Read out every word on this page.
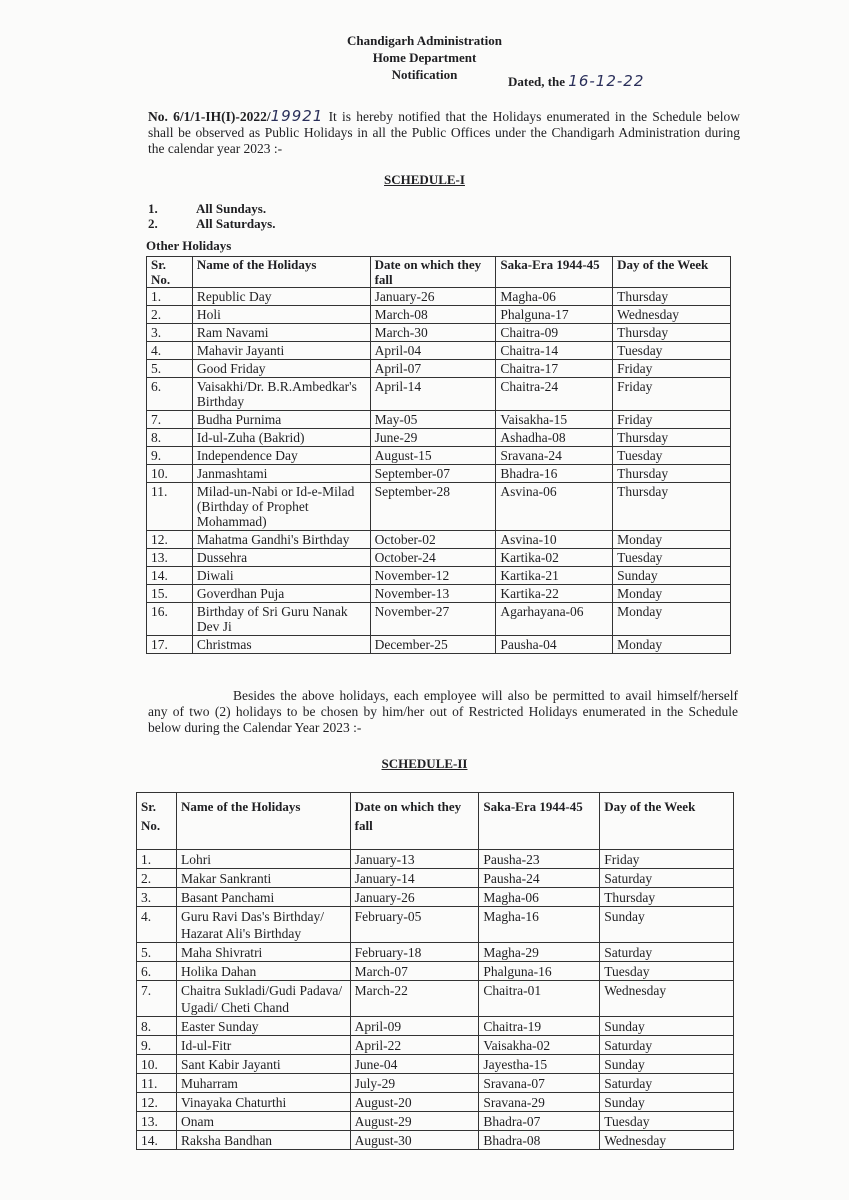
Chandigarh Administration
Home Department
Notification	Dated, the 16-12-22
No. 6/1/1-IH(I)-2022/19921 It is hereby notified that the Holidays enumerated in the Schedule below shall be observed as Public Holidays in all the Public Offices under the Chandigarh Administration during the calendar year 2023 :-
SCHEDULE-I
1.	All Sundays.
2.	All Saturdays.
Other Holidays
Sr. No.	Name of the Holidays	Date on which they fall	Saka-Era 1944-45	Day of the Week
1.	Republic Day	January-26	Magha-06	Thursday
2.	Holi	March-08	Phalguna-17	Wednesday
3.	Ram Navami	March-30	Chaitra-09	Thursday
4.	Mahavir Jayanti	April-04	Chaitra-14	Tuesday
5.	Good Friday	April-07	Chaitra-17	Friday
6.	Vaisakhi/Dr. B.R.Ambedkar's Birthday	April-14	Chaitra-24	Friday
7.	Budha Purnima	May-05	Vaisakha-15	Friday
8.	Id-ul-Zuha (Bakrid)	June-29	Ashadha-08	Thursday
9.	Independence Day	August-15	Sravana-24	Tuesday
10.	Janmashtami	September-07	Bhadra-16	Thursday
11.	Milad-un-Nabi or Id-e-Milad (Birthday of Prophet Mohammad)	September-28	Asvina-06	Thursday
12.	Mahatma Gandhi's Birthday	October-02	Asvina-10	Monday
13.	Dussehra	October-24	Kartika-02	Tuesday
14.	Diwali	November-12	Kartika-21	Sunday
15.	Goverdhan Puja	November-13	Kartika-22	Monday
16.	Birthday of Sri Guru Nanak Dev Ji	November-27	Agarhayana-06	Monday
17.	Christmas	December-25	Pausha-04	Monday
Besides the above holidays, each employee will also be permitted to avail himself/herself any of two (2) holidays to be chosen by him/her out of Restricted Holidays enumerated in the Schedule below during the Calendar Year 2023 :-
SCHEDULE-II
Sr. No.	Name of the Holidays	Date on which they fall	Saka-Era 1944-45	Day of the Week
1.	Lohri	January-13	Pausha-23	Friday
2.	Makar Sankranti	January-14	Pausha-24	Saturday
3.	Basant Panchami	January-26	Magha-06	Thursday
4.	Guru Ravi Das's Birthday/ Hazarat Ali's Birthday	February-05	Magha-16	Sunday
5.	Maha Shivratri	February-18	Magha-29	Saturday
6.	Holika Dahan	March-07	Phalguna-16	Tuesday
7.	Chaitra Sukladi/Gudi Padava/ Ugadi/ Cheti Chand	March-22	Chaitra-01	Wednesday
8.	Easter Sunday	April-09	Chaitra-19	Sunday
9.	Id-ul-Fitr	April-22	Vaisakha-02	Saturday
10.	Sant Kabir Jayanti	June-04	Jayestha-15	Sunday
11.	Muharram	July-29	Sravana-07	Saturday
12.	Vinayaka Chaturthi	August-20	Sravana-29	Sunday
13.	Onam	August-29	Bhadra-07	Tuesday
14.	Raksha Bandhan	August-30	Bhadra-08	Wednesday
